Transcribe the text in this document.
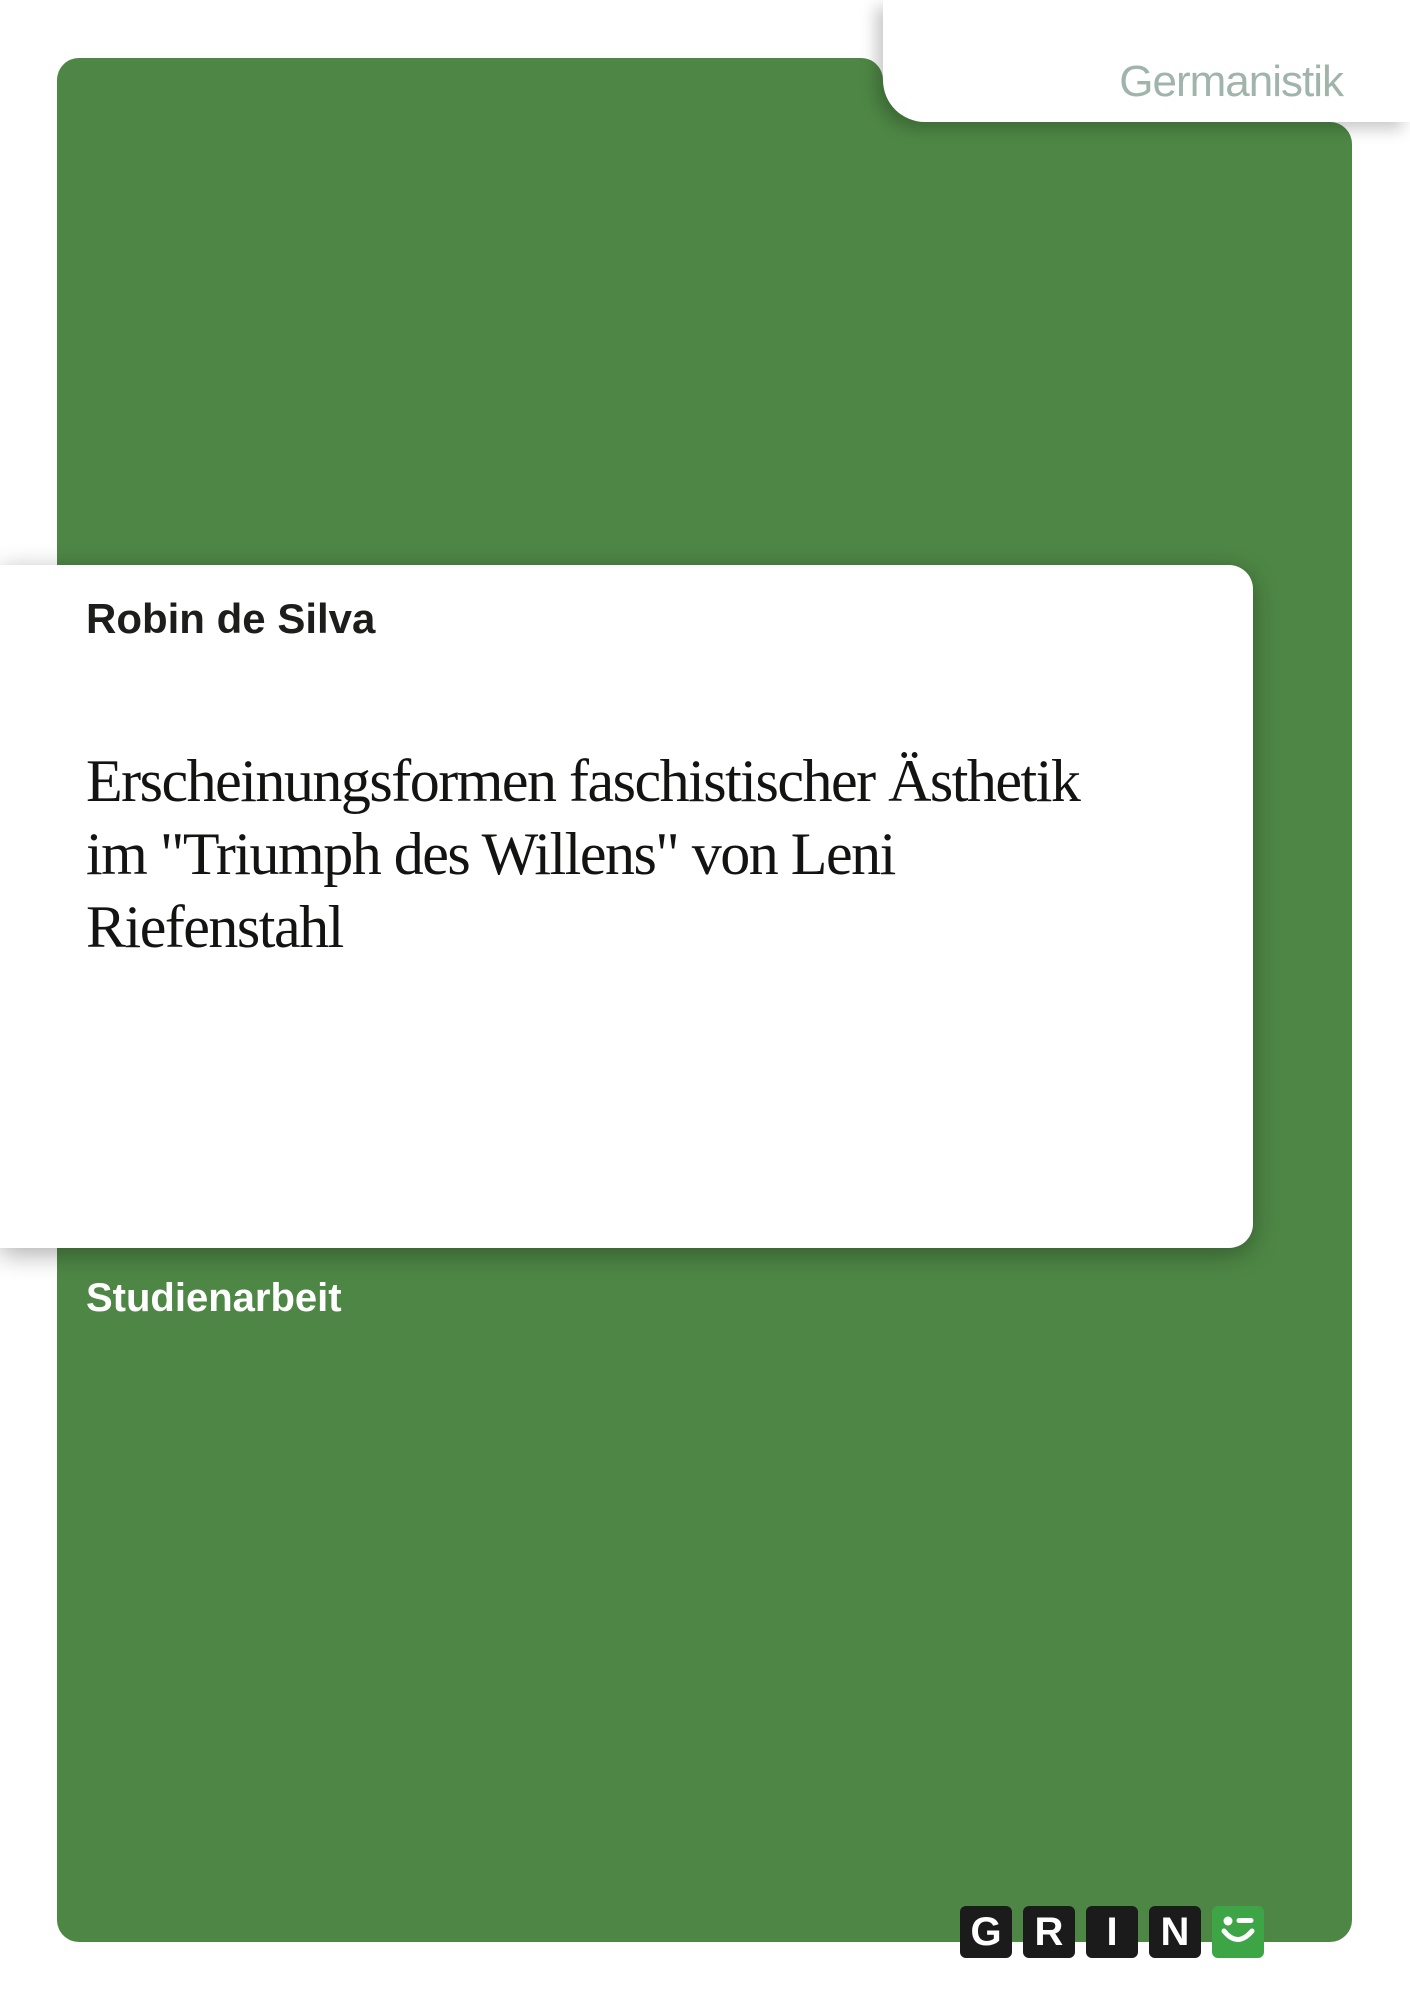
Germanistik
Robin de Silva
Erscheinungsformen faschistischer Ästhetik
im "Triumph des Willens" von Leni
Riefenstahl
Studienarbeit
G R I N
